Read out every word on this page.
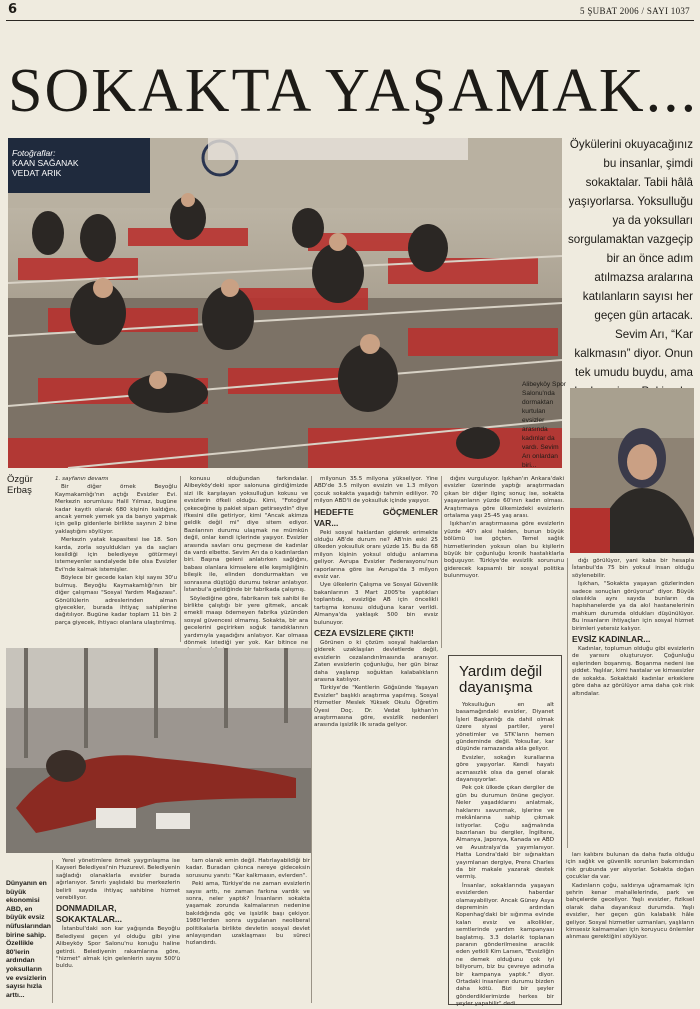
6	5 ŞUBAT 2006 / SAYI 1037
SOKAKTA YAŞAMAK...
Fotoğraflar:
KAAN SAĞANAK
VEDAT ARIK
Öykülerini okuyacağınız bu insanlar, şimdi sokaktalar. Tabii hâlâ yaşıyorlarsa. Yoksulluğu ya da yoksulları sorgulamaktan vazgeçip bir an önce adım atılmazsa aralarına katılanların sayısı her geçen gün artacak. Sevim Arı, “Kar kalkmasın” diyor. Onun tek umudu buydu, ama
Alibeyköy Spor Salonu'nda dormaktan kurtulan evsizler arasında kadınlar da vardı. Sevim Arı onlardan biri...
Özgür
Erbaş

1. sayfanın devamı

Bir diğer örnek Beyoğlu Kaymakamlığı'nın açtığı Evsizler Evi. Merkezin sorumlusu Halil Yılmaz, bugüne kadar kayıtlı olarak 680 kişinin kaldığını, ancak yemek yemek ya da banyo yapmak için gelip gidenlerle birlikte sayının 2 bine yaklaştığını söylüyor.

Merkezin yatak kapasitesi ise 18. Son karda, zorla soyuldukları ya da saçları kesildiği için belediyeye götürmeyi istemeyenler sandalyede bile olsa Evsizler Evi'nde kalmak istemişler.

Böylece bir gecede kalan kişi sayısı 30'u bulmuş. Beyoğlu Kaymakamlığı'nın bir diğer çalışması "Sosyal Yardım Mağazası". Gönüllülerin adreslerinden alman giyecekler, burada ihtiyaç sahiplerine dağıtılıyor. Bugüne kadar toplam 11 bin 2 parça giyecek, ihtiyacı olanlara ulaştırılmış.

konusu olduğundan farkındalar. Alibeyköy'deki spor salonuna girdiğimizde sizi ilk karşılayan yoksulluğun kokusu ve evsizlerin öfkeli olduğu. Kimi, "Fotoğraf çekeceğine iş pakiet siparı getirseydin" diye ifkesini dile getiriyor, kimi "Ancak akimza geldik değil mi" diye sitem ediyor. Bazılarının durumu ulaşmak ne mümkün değil, onlar kendi içlerinde yaşıyor. Evsizler arasında savları onu geçmese de kadınlar da vardı elbette. Sevim Arı da o kadınlardan biri. Başına geleni anlatırken sağlığını, babası olanlara kimselere elle keşmişliğinin bileşik ile, elinden dondurmaktan ve sonrasına düştüğü durumu tekrar anlatıyor. İstanbul'a geldiğinde bir fabrikada çalışmış.

Söylediğine göre, fabrikanın tek sahibi ile birlikte çalıştığı bir yere gitmek, ancak emekli maaşı ödemeyen fabrika yüzünden sosyal güvencesi olmamış. Sokakta, bir ara gecelerini geçirirken soğuk tanıdıklarının yardımıyla yaşadığını anlatıyor. Kar olmasa dönmek istediği yer yok. Kar bitince ne

milyonun 35.5 milyona yükseliyor. Yine ABD'de 3.5 milyon evsizin ve 1.3 milyon çocuk sokakta yaşadığı tahmin ediliyor. 70 milyon ABD'li de yoksulluk içinde yaşıyor.

HEDEFTE GÖÇMENLER VAR...

Peki sosyal haklardan giderek erimekte olduğu AB'de durum ne? AB'nin eski 25 ülkeden yoksulluk oranı yüzde 15. Bu da 68 milyon kişinin yoksul olduğu anlamına geliyor. Avrupa Evsizler Federasyonu'nun raporlarına göre ise Avrupa'da 3 milyon evsiz var.

Uye ülkelerin Çalışma ve Sosyal Güvenlik bakanlarının 3 Mart 2005'te yaptıkları toplantıda, evsizliğe AB için öncelikli tartışma konusu olduğuna karar verildi. Almanya'da yaklaşık 500 bin evsiz bulunuyor.

CEZA EVSİZLERE ÇIKTI!

Görünen o ki çözüm sosyal haklardan giderek uzaklaşılan devletlerde değil, evsizlerin cezalandırılmasında aranıyor. Zaten evsizlerin çoğunluğu, her gün biraz daha yaşlanıp soğuktan kalabalıkların arasına katılıyor.

Türkiye'de "Kentlerin Göğsünde Yaşayan Evsizler" başlıklı araştırma yapılmış. Sosyal Hizmetler Meslek Yüksek Okulu Öğretim Üyesi Doç. Dr. Vedat Işıkhan'ın araştırmasına göre, evsizlik nedenleri arasında işsizlik ilk sırada geliyor.

dığını vurguluyor. Işıkhan'ın Ankara'daki evsizler üzerinde yaptığı araştırmadan çıkan bir diğer ilginç sonuç ise, sokakta yaşayanların yüzde 60'ının kadın olması. Araştırmaya göre ülkemizdeki evsizlerin ortalama yaşı 25-45 yaş arası.

Işıkhan'ın araştırmasına göre evsizlerin yüzde 40'ı aksi halden, bunun büyük bölümü ise göçten. Temel sağlık hizmetlerinden yoksun olan bu kişilerin büyük bir çoğunluğu kronik hastalıklarla boğuşuyor. Türkiye'de evsizlik sorununu giderecek kapsamlı bir sosyal politika bulunmuyor.

dığı görülüyor, yani kaba bir hesapla İstanbul'da 75 bin yoksul insan olduğu söylenebilir.

Işıkhan, "Sokakta yaşayan gözlerinden sadece sonuçları görüyoruz" diyor. Büyük olasılıkla aynı sayıda bunların da hapishanelerde ya da akıl hastanelerinin mahkum durumda oldukları düşünülüyor. Bu insanların ihtiyaçları için sosyal hizmet birimleri yetersiz kalıyor.

EVSİZ KADINLAR...

Kadınlar, toplumun olduğu gibi evsizlerin de yarısını oluşturuyor. Çoğunluğu eşlerinden boşanmış. Boşanma nedeni ise şiddet. Yaşlılar, kimi hastalar ve kimsesizler de sokakta. Sokaktaki kadınlar erkeklere göre daha az görülüyor ama daha çok risk altındalar.

Dünyanın en büyük ekonomisi ABD, en büyük evsiz nüfuslarından birine sahip. Özellikle 80'lerin ardından yoksulların ve evsizlerin sayısı hızla arttı...

Yerel yönetimlere örnek yaygınlaşma ise Kayseri Belediyesi'nin Huzurevi. Belediyenin sağladığı olanaklarla evsizler burada ağırlanıyor. Sınırlı yaşlıdaki bu merkezlerin belirli sayıda ihtiyaç sahibine hizmet verebiliyor.

DONMADILAR, SOKAKTALAR...

İstanbul'daki son kar yağışında Beyoğlu Belediyesi geçen yıl olduğu gibi yine Alibeyköy Spor Salonu'nu konuğu haline getirdi. Belediyenin rakamlarına göre, "hizmet" almak için gelenlerin sayısı 500'ü buldu.

tam olarak emin değil. Hatırlayabildiği bir kadar. Buradan çıkınca nereye gideceksin sorusunu yanıtı: "Kar kalkmasın, evlerden".

Peki ama, Türkiye'de ne zaman evsizlerin sayısı arttı, ne zaman farkına vardık ve sonra, neler yaptık? İnsanların sokakta yaşamak zorunda kalmalarının nedenine bakıldığında göç ve işsizlik başı çekiyor. 1980'lerden sonra uygulanan neoliberal politikalarla birlikte devletin sosyal devlet anlayışından uzaklaşması bu süreci hızlandırdı.

Yardım değil dayanışma

Yoksulluğun en alt basamağındaki evsizler, Diyanet İşleri Başkanlığı da dahil olmak üzere siyasi partiler, yerel yönetimler ve STK'ların hemen gündeminde değil. Yoksullar, kar düşünde ramazanda akla geliyor.

Evsizler, sokağın kurallarına göre yaşıyorlar. Kendi hayatı acımasızlık olsa da genel olarak dayanışıyorlar.

Pek çok ülkede çıkan dergiler de gün bu durumun önüne geçiyor. Neler yaşadıklarını anlatmak, haklarını savunmak, işlerine ve mekânlarına sahip çıkmak istiyorlar. Çoğu sağmalında bazırlanan bu dergiler, İngiltere, Almanya, Japonya, Kanada ve ABD ve Avustralya'da yayımlanıyor. Hatta Londra'daki bir sığınaktan yayımlanan dergiye, Prens Charles da bir makale yazarak destek vermiş.

İnsanlar, sokaklarında yaşayan evsizlerden haberdar olamayabiliyor. Ancak Güney Asya depreminin ardından Kopenhag'daki bir sığınma evinde kalan evsiz ve alkolikler, semtlerinde yardım kampanyası başlatmış. 3.3 dolarlık toplanan paranın gönderilmesine aracılık eden yetkili Kim Larsen, "Evsizliğin ne demek olduğunu çok iyi biliyorum, biz bu çevreye adınızla bir kampanya yaptık." diyor. Ortadaki insanların durumu bizden daha kötü. Bizi bir şeyler gönderdiklerimizde herkes bir şeyler yapabilir" dedi.

ları kalıbını bulunan da daha fazla olduğu için sağlık ve güvenlik sorunları bakımından risk grubunda yer alıyorlar. Sokakta doğan çocuklar da var.

Kadınların çoğu, saldırıya uğramamak için şehrin kenar mahallelerinde, park ve bahçelerde geceliyor. Yaşlı evsizler, fiziksel olarak daha dayanıksız durumda. Yaşlı evsizler, her geçen gün kalabalık hâle geliyor. Sosyal hizmetler uzmanları, yaşlıların kimsesiz kalmamaları için koruyucu önlemler alınması gerektiğini söylüyor.
